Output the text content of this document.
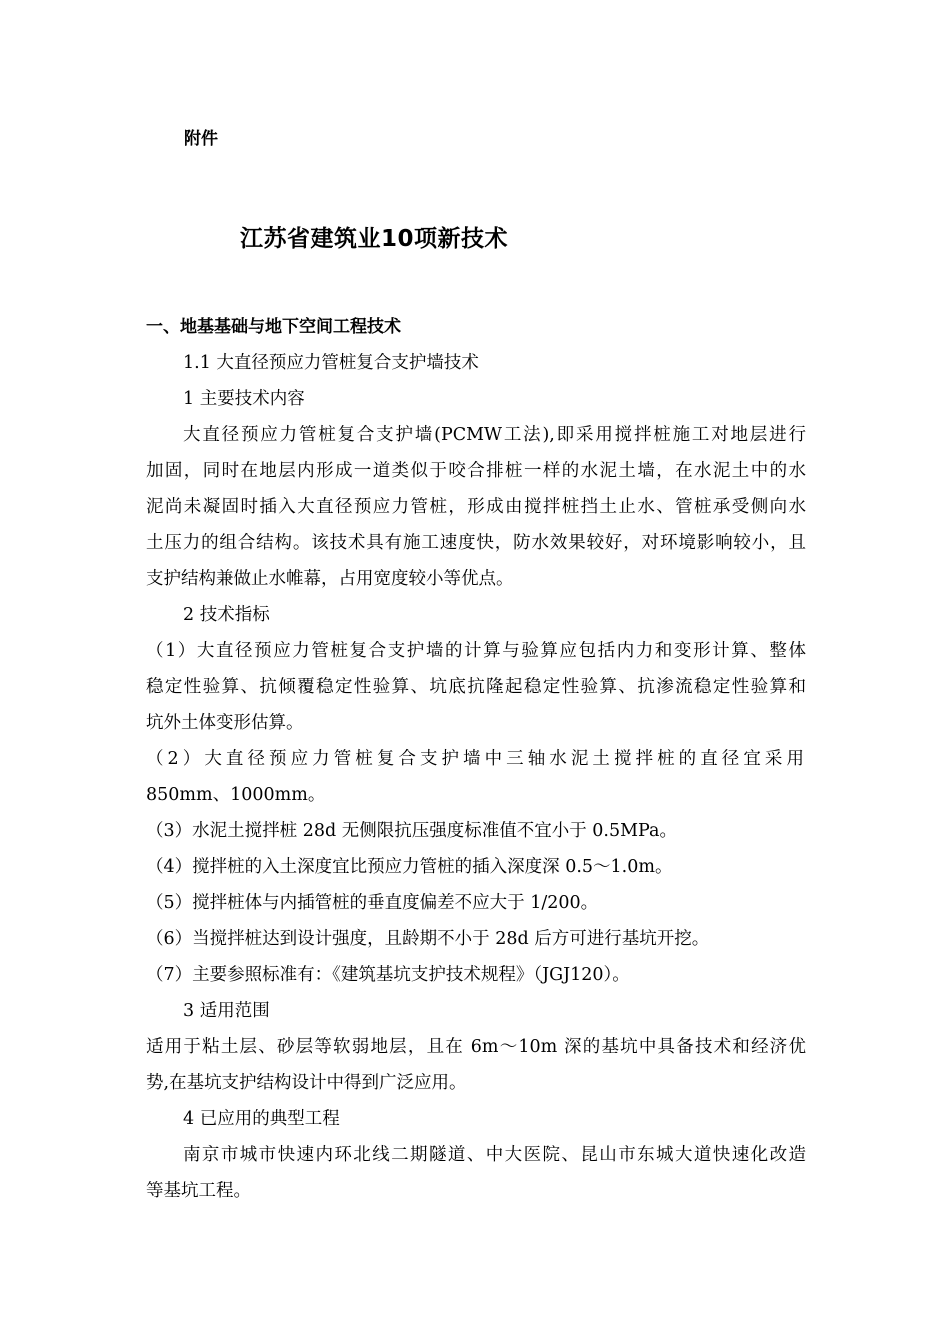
附件
江苏省建筑业10项新技术
一、地基基础与地下空间工程技术
1.1 大直径预应力管桩复合支护墙技术
1 主要技术内容
大直径预应力管桩复合支护墙(PCMW工法),即采用搅拌桩施工对地层进行
加固，同时在地层内形成一道类似于咬合排桩一样的水泥土墙，在水泥土中的水
泥尚未凝固时插入大直径预应力管桩，形成由搅拌桩挡土止水、管桩承受侧向水
土压力的组合结构。该技术具有施工速度快，防水效果较好，对环境影响较小，且
支护结构兼做止水帷幕，占用宽度较小等优点。
2 技术指标
（1）大直径预应力管桩复合支护墙的计算与验算应包括内力和变形计算、整体
稳定性验算、抗倾覆稳定性验算、坑底抗隆起稳定性验算、抗渗流稳定性验算和
坑外土体变形估算。
（2）大直径预应力管桩复合支护墙中三轴水泥土搅拌桩的直径宜采用
850mm、1000mm。
（3）水泥土搅拌桩 28d 无侧限抗压强度标准值不宜小于 0.5MPa。
（4）搅拌桩的入土深度宜比预应力管桩的插入深度深 0.5～1.0m。
（5）搅拌桩体与内插管桩的垂直度偏差不应大于 1/200。
（6）当搅拌桩达到设计强度，且龄期不小于 28d 后方可进行基坑开挖。
（7）主要参照标准有：《建筑基坑支护技术规程》（JGJ120）。
3 适用范围
适用于粘土层、砂层等软弱地层，且在 6m～10m 深的基坑中具备技术和经济优
势,在基坑支护结构设计中得到广泛应用。
4 已应用的典型工程
南京市城市快速内环北线二期隧道、中大医院、昆山市东城大道快速化改造
等基坑工程。
